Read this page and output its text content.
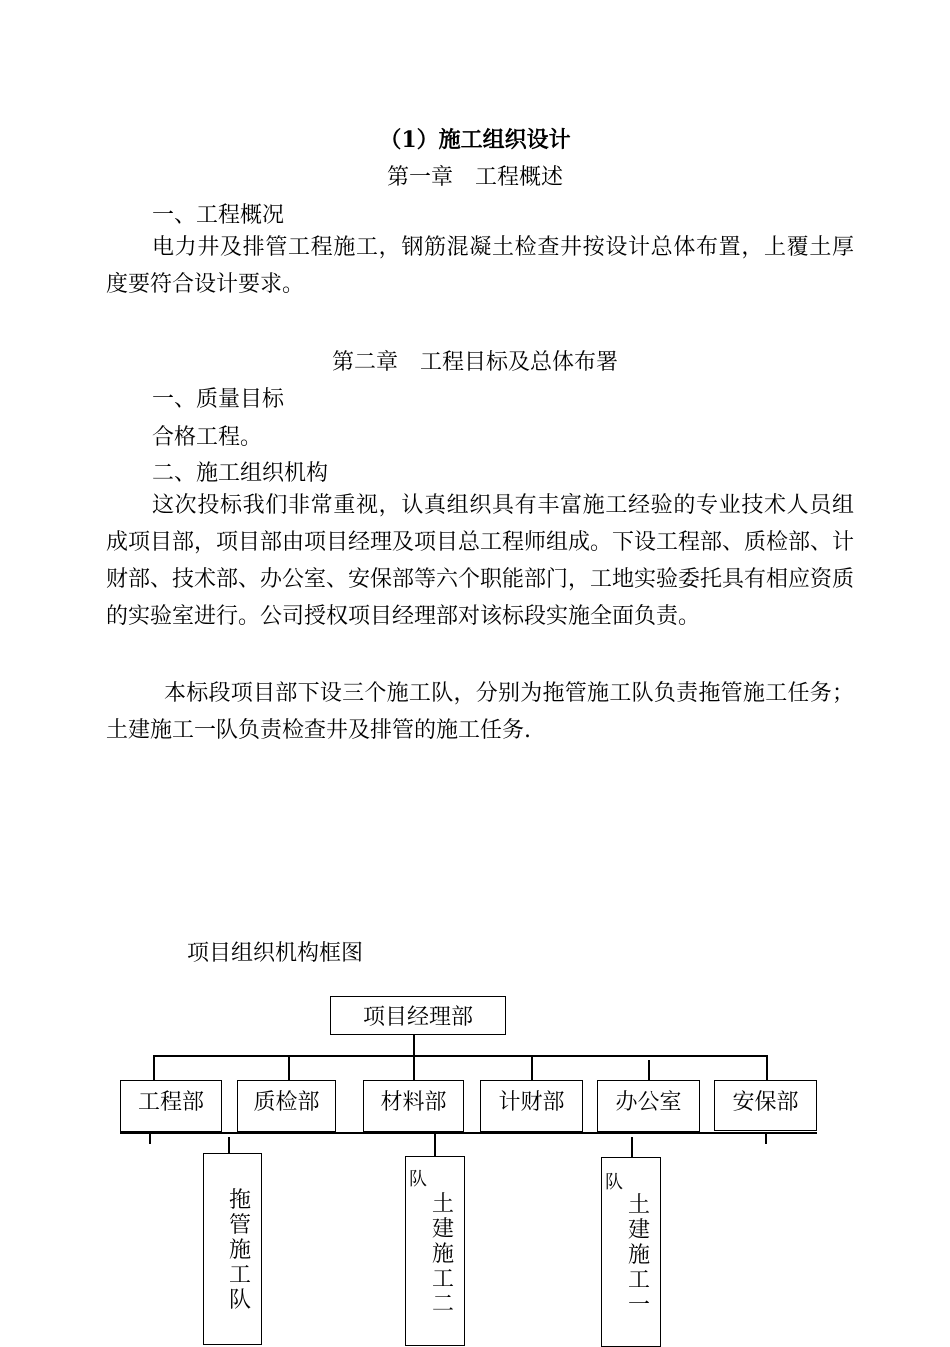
（1）施工组织设计
第一章　工程概述
一、工程概况
电力井及排管工程施工，钢筋混凝土检查井按设计总体布置，上覆土厚度要符合设计要求。
第二章　工程目标及总体布署
一、质量目标
合格工程。
二、施工组织机构
这次投标我们非常重视，认真组织具有丰富施工经验的专业技术人员组成项目部，项目部由项目经理及项目总工程师组成。下设工程部、质检部、计财部、技术部、办公室、安保部等六个职能部门，工地实验委托具有相应资质的实验室进行。公司授权项目经理部对该标段实施全面负责。
本标段项目部下设三个施工队，分别为拖管施工队负责拖管施工任务；土建施工一队负责检查井及排管的施工任务.
项目组织机构框图
项目经理部
工程部 质检部	材料部 计财部 办公室 安保部
拖管施工队
队
土建施工二
队
土建施工一
